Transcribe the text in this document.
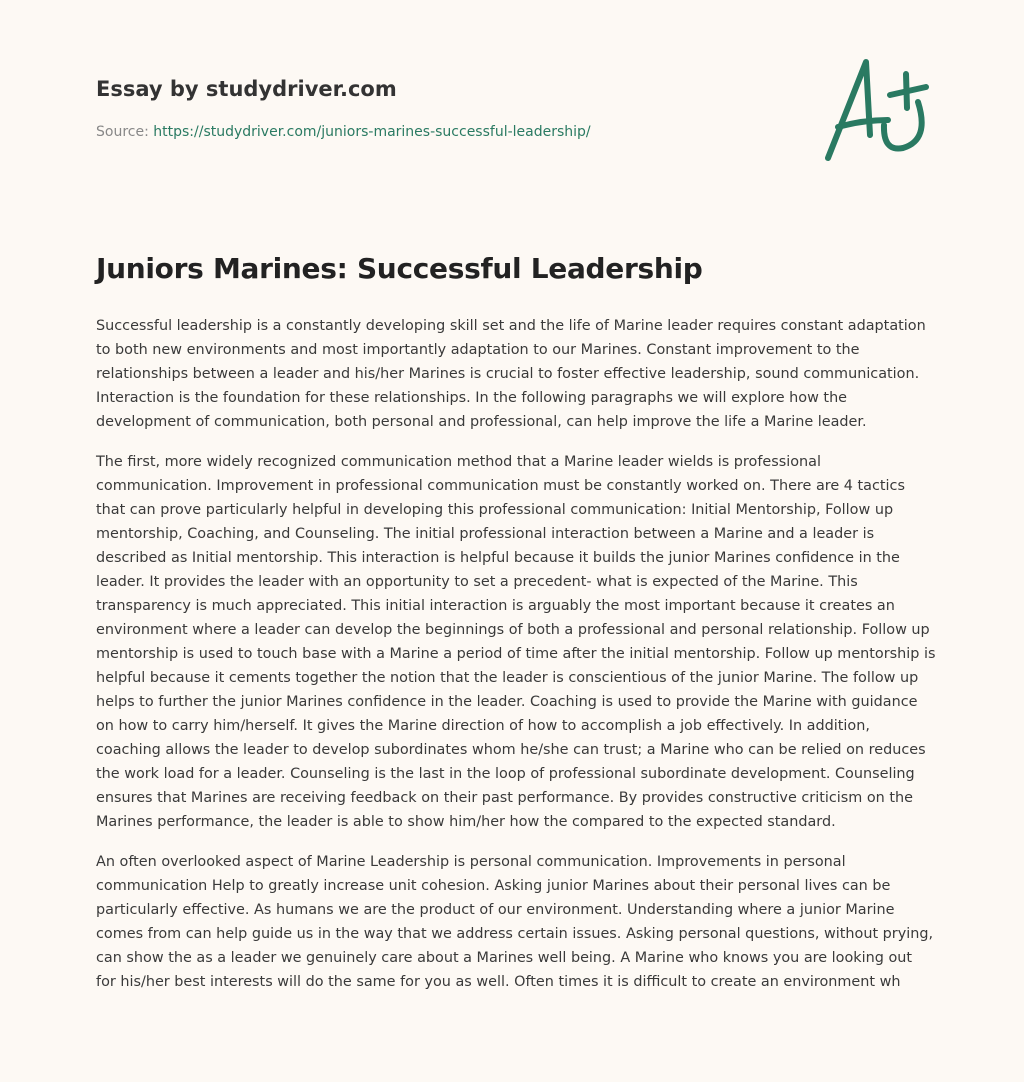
Essay by studydriver.com
Source: https://studydriver.com/juniors-marines-successful-leadership/
Juniors Marines: Successful Leadership

Successful leadership is a constantly developing skill set and the life of Marine leader requires constant adaptation to both new environments and most importantly adaptation to our Marines. Constant improvement to the relationships between a leader and his/her Marines is crucial to foster effective leadership, sound communication. Interaction is the foundation for these relationships. In the following paragraphs we will explore how the development of communication, both personal and professional, can help improve the life a Marine leader.

The first, more widely recognized communication method that a Marine leader wields is professional communication. Improvement in professional communication must be constantly worked on. There are 4 tactics that can prove particularly helpful in developing this professional communication: Initial Mentorship, Follow up mentorship, Coaching, and Counseling. The initial professional interaction between a Marine and a leader is described as Initial mentorship. This interaction is helpful because it builds the junior Marines confidence in the leader. It provides the leader with an opportunity to set a precedent- what is expected of the Marine. This transparency is much appreciated. This initial interaction is arguably the most important because it creates an environment where a leader can develop the beginnings of both a professional and personal relationship. Follow up mentorship is used to touch base with a Marine a period of time after the initial mentorship. Follow up mentorship is helpful because it cements together the notion that the leader is conscientious of the junior Marine. The follow up helps to further the junior Marines confidence in the leader. Coaching is used to provide the Marine with guidance on how to carry him/herself. It gives the Marine direction of how to accomplish a job effectively. In addition, coaching allows the leader to develop subordinates whom he/she can trust; a Marine who can be relied on reduces the work load for a leader. Counseling is the last in the loop of professional subordinate development. Counseling ensures that Marines are receiving feedback on their past performance. By provides constructive criticism on the Marines performance, the leader is able to show him/her how the compared to the expected standard.

An often overlooked aspect of Marine Leadership is personal communication. Improvements in personal communication Help to greatly increase unit cohesion. Asking junior Marines about their personal lives can be particularly effective. As humans we are the product of our environment. Understanding where a junior Marine comes from can help guide us in the way that we address certain issues. Asking personal questions, without prying, can show the as a leader we genuinely care about a Marines well being. A Marine who knows you are looking out for his/her best interests will do the same for you as well. Often times it is difficult to create an environment wh
